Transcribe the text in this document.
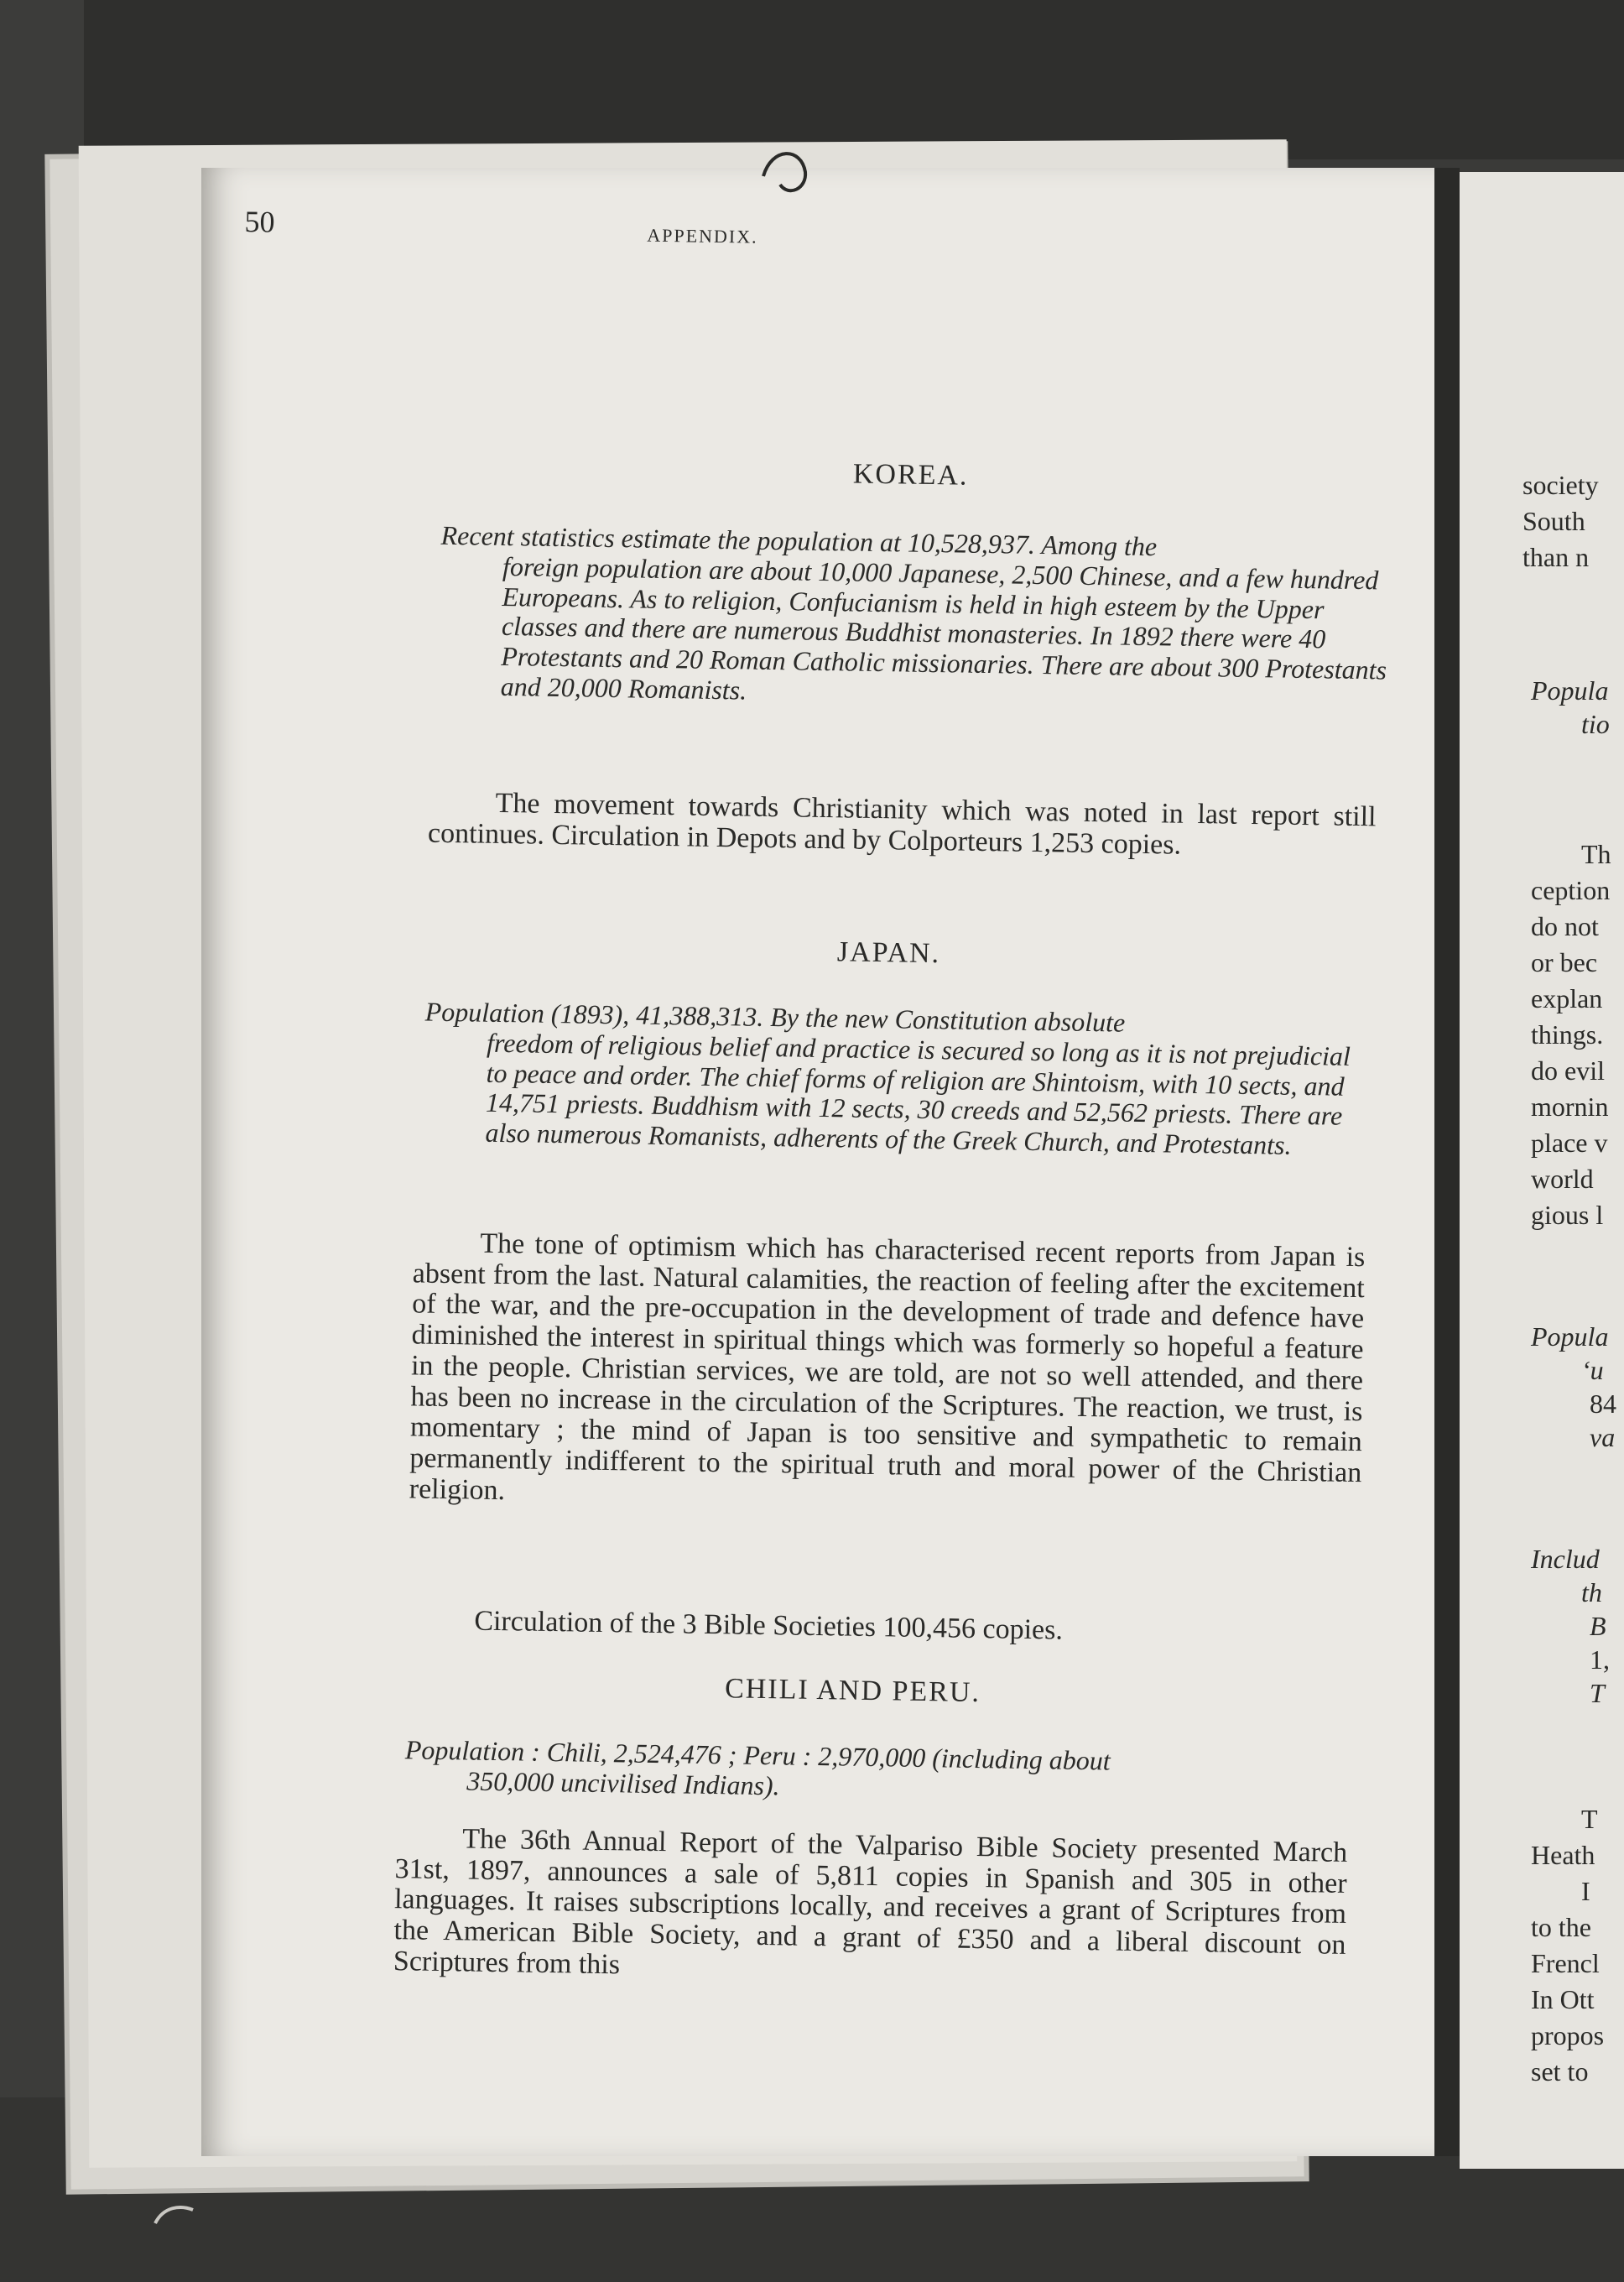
50	APPENDIX.

KOREA.
Recent statistics estimate the population at 10,528,937. Among the
foreign population are about 10,000 Japanese, 2,500 Chinese, and a few hundred Europeans. As to religion, Confucianism is held in high esteem by the Upper classes and there are numerous Buddhist monasteries. In 1892 there were 40 Protestants and 20 Roman Catholic missionaries. There are about 300 Protestants and 20,000 Romanists.

The movement towards Christianity which was noted in last report still continues. Circulation in Depots and by Colporteurs 1,253 copies.

JAPAN.
Population (1893), 41,388,313. By the new Constitution absolute
freedom of religious belief and practice is secured so long as it is not prejudicial to peace and order. The chief forms of religion are Shintoism, with 10 sects, and 14,751 priests. Buddhism with 12 sects, 30 creeds and 52,562 priests. There are also numerous Romanists, adherents of the Greek Church, and Protestants.

The tone of optimism which has characterised recent reports from Japan is absent from the last. Natural calamities, the reaction of feeling after the excitement of the war, and the pre-occupation in the development of trade and defence have diminished the interest in spiritual things which was formerly so hopeful a feature in the people. Christian services, we are told, are not so well attended, and there has been no increase in the circulation of the Scriptures. The reaction, we trust, is momentary ; the mind of Japan is too sensitive and sympathetic to remain permanently indifferent to the spiritual truth and moral power of the Christian religion.

Circulation of the 3 Bible Societies 100,456 copies.

CHILI AND PERU.
Population : Chili, 2,524,476 ; Peru : 2,970,000 (including about
350,000 uncivilised Indians).

The 36th Annual Report of the Valpariso Bible Society presented March 31st, 1897, announces a sale of 5,811 copies in Spanish and 305 in other languages. It raises subscriptions locally, and receives a grant of Scriptures from the American Bible Society, and a grant of £350 and a liberal discount on Scriptures from this

society

South

than n

Popula

tio

Th

ception

do not

or bec

explan

things.

do evil

mornin

place v

world

gious l

Popula

‘u

84

va

Includ

th

B

1,

T

T

Heath

I

to the

Frencl

In Ott

propos

set to
